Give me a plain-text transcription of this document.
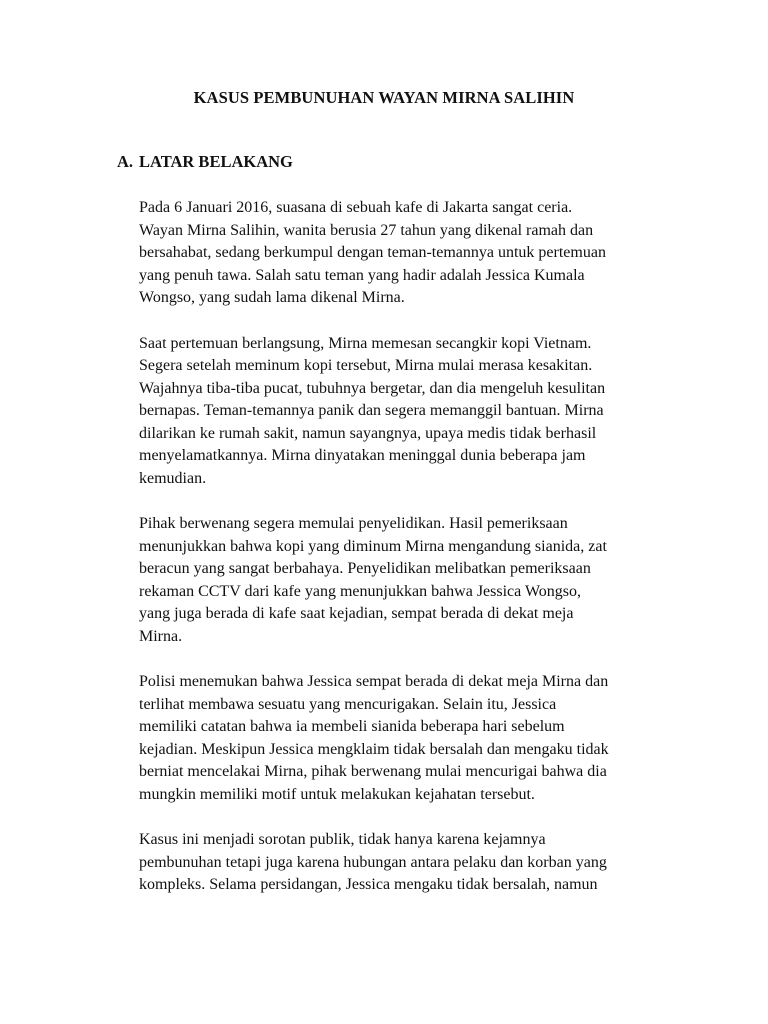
KASUS PEMBUNUHAN WAYAN MIRNA SALIHIN
A. LATAR BELAKANG

Pada 6 Januari 2016, suasana di sebuah kafe di Jakarta sangat ceria.
Wayan Mirna Salihin, wanita berusia 27 tahun yang dikenal ramah dan
bersahabat, sedang berkumpul dengan teman-temannya untuk pertemuan
yang penuh tawa. Salah satu teman yang hadir adalah Jessica Kumala
Wongso, yang sudah lama dikenal Mirna.

Saat pertemuan berlangsung, Mirna memesan secangkir kopi Vietnam.
Segera setelah meminum kopi tersebut, Mirna mulai merasa kesakitan.
Wajahnya tiba-tiba pucat, tubuhnya bergetar, dan dia mengeluh kesulitan
bernapas. Teman-temannya panik dan segera memanggil bantuan. Mirna
dilarikan ke rumah sakit, namun sayangnya, upaya medis tidak berhasil
menyelamatkannya. Mirna dinyatakan meninggal dunia beberapa jam
kemudian.

Pihak berwenang segera memulai penyelidikan. Hasil pemeriksaan
menunjukkan bahwa kopi yang diminum Mirna mengandung sianida, zat
beracun yang sangat berbahaya. Penyelidikan melibatkan pemeriksaan
rekaman CCTV dari kafe yang menunjukkan bahwa Jessica Wongso,
yang juga berada di kafe saat kejadian, sempat berada di dekat meja
Mirna.

Polisi menemukan bahwa Jessica sempat berada di dekat meja Mirna dan
terlihat membawa sesuatu yang mencurigakan. Selain itu, Jessica
memiliki catatan bahwa ia membeli sianida beberapa hari sebelum
kejadian. Meskipun Jessica mengklaim tidak bersalah dan mengaku tidak
berniat mencelakai Mirna, pihak berwenang mulai mencurigai bahwa dia
mungkin memiliki motif untuk melakukan kejahatan tersebut.

Kasus ini menjadi sorotan publik, tidak hanya karena kejamnya
pembunuhan tetapi juga karena hubungan antara pelaku dan korban yang
kompleks. Selama persidangan, Jessica mengaku tidak bersalah, namun
